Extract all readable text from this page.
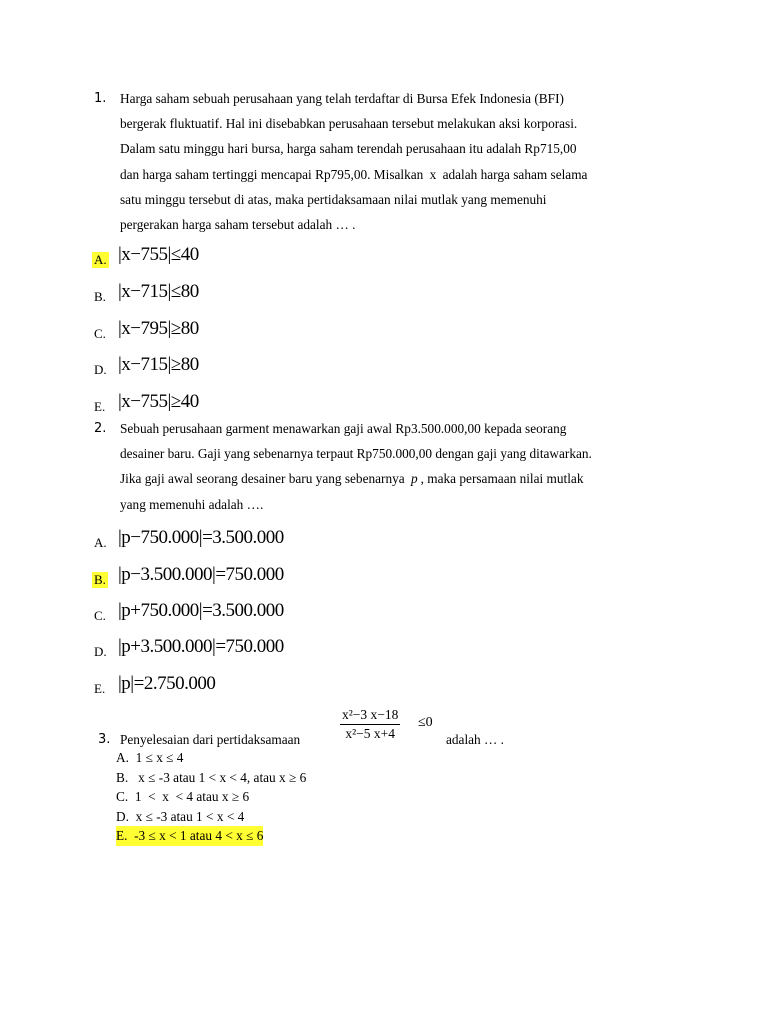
1.	Harga saham sebuah perusahaan yang telah terdaftar di Bursa Efek Indonesia (BFI)
bergerak fluktuatif. Hal ini disebabkan perusahaan tersebut melakukan aksi korporasi.
Dalam satu minggu hari bursa, harga saham terendah perusahaan itu adalah Rp715,00
dan harga saham tertinggi mencapai Rp795,00. Misalkan x adalah harga saham selama
satu minggu tersebut di atas, maka pertidaksamaan nilai mutlak yang memenuhi
pergerakan harga saham tersebut adalah … .
A. |x−755|≤40
B. |x−715|≤80
C. |x−795|≥80
D. |x−715|≥80
E. |x−755|≥40
2.	Sebuah perusahaan garment menawarkan gaji awal Rp3.500.000,00 kepada seorang
desainer baru. Gaji yang sebenarnya terpaut Rp750.000,00 dengan gaji yang ditawarkan.
Jika gaji awal seorang desainer baru yang sebenarnya p , maka persamaan nilai mutlak
yang memenuhi adalah ….
A. |p−750.000|=3.500.000
B. |p−3.500.000|=750.000
C. |p+750.000|=3.500.000
D. |p+3.500.000|=750.000
E. |p|=2.750.000
3. Penyelesaian dari pertidaksamaan	$\frac{\text{x²−3 x−18}}{\text{x²−5 x+4}} \le 0$
adalah … .
A. 1 ≤ x ≤ 4
B.   x ≤ -3 atau 1 < x < 4, atau x ≥ 6
C. 1  <  x  < 4 atau x ≥ 6
D. x ≤ -3 atau 1 < x < 4
E. -3 ≤ x < 1 atau 4 < x ≤ 6
